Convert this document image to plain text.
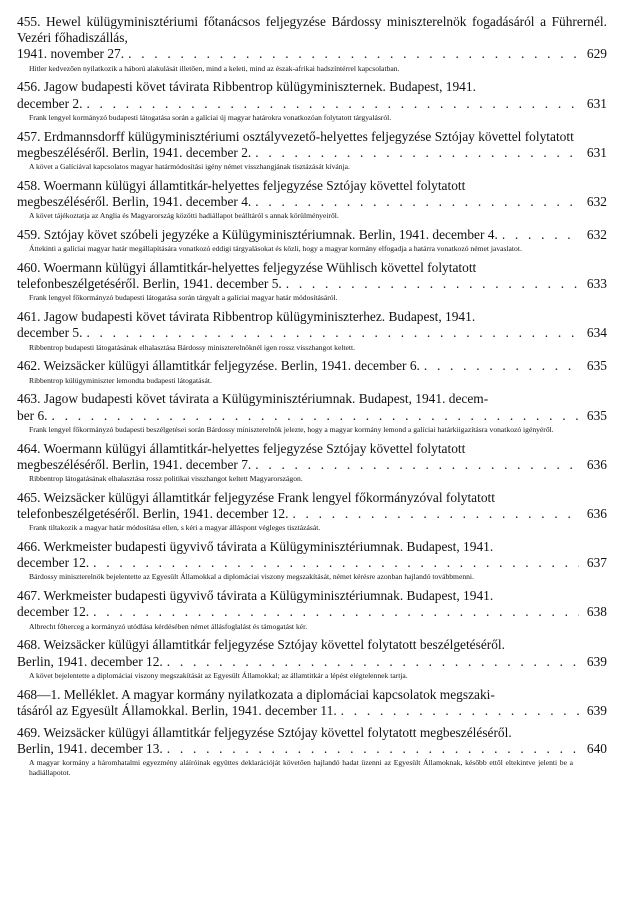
455. Hewel külügyminisztériumi főtanácsos feljegyzése Bárdossy miniszterelnök fogadásáról a Führernél. Vezéri főhadiszállás,
1941. november 27. . . .	629
Hitler kedvezően nyilatkozik a háború alakulását illetően, mind a keleti, mind az észak-afrikai hadszíntérrel kapcsolatban.
456. Jagow budapesti követ távirata Ribbentrop külügyminiszternek. Budapest, 1941.
december 2. . . .	631
Frank lengyel kormányzó budapesti látogatása során a galíciai új magyar határokra vonatkozóan folytatott tárgyalásról.
457. Erdmannsdorff külügyminisztériumi osztályvezető-helyettes feljegyzése Sztójay követtel folytatott
megbeszéléséről. Berlin, 1941. december 2. . . .	631
A követ a Galíciával kapcsolatos magyar határmódosítási igény német visszhangjának tisztázását kívánja.
458. Woermann külügyi államtitkár-helyettes feljegyzése Sztójay követtel folytatott
megbeszéléséről. Berlin, 1941. december 4. . . .	632
A követ tájékoztatja az Anglia és Magyarország közötti hadiállapot beálltáról s annak körülményeiről.
459. Sztójay követ szóbeli jegyzéke a Külügyminisztériumnak. Berlin, 1941. december 4. . . .	632
Áttekinti a galíciai magyar határ megállapítására vonatkozó eddigi tárgyalásokat és közli, hogy a magyar kormány elfogadja a határra vonatkozó német javaslatot.
460. Woermann külügyi államtitkár-helyettes feljegyzése Wühlisch követtel folytatott
telefonbeszélgetéséről. Berlin, 1941. december 5. . . .	633
Frank lengyel főkormányzó budapesti látogatása során tárgyalt a galíciai magyar határ módosításáról.
461. Jagow budapesti követ távirata Ribbentrop külügyminiszterhez. Budapest, 1941.
december 5. . . .	634
Ribbentrop budapesti látogatásának elhalasztása Bárdossy miniszterelnöknél igen rossz visszhangot keltett.
462. Weizsäcker külügyi államtitkár feljegyzése. Berlin, 1941. december 6. . . .	635
Ribbentrop külügyminiszter lemondta budapesti látogatását.
463. Jagow budapesti követ távirata a Külügyminisztériumnak. Budapest, 1941. decem-
ber 6. . . .	635
Frank lengyel főkormányzó budapesti beszélgetései során Bárdossy miniszterelnök jelezte, hogy a magyar kormány lemond a galíciai határkiigazításra vonatkozó igényéről.
464. Woermann külügyi államtitkár-helyettes feljegyzése Sztójay követtel folytatott
megbeszéléséről. Berlin, 1941. december 7. . . .	636
Ribbentrop látogatásának elhalasztása rossz politikai visszhangot keltett Magyarországon.
465. Weizsäcker külügyi államtitkár feljegyzése Frank lengyel főkormányzóval folytatott
telefonbeszélgetéséről. Berlin, 1941. december 12. . . .	636
Frank tiltakozik a magyar határ módosítása ellen, s kéri a magyar álláspont végleges tisztázását.
466. Werkmeister budapesti ügyvivő távirata a Külügyminisztériumnak. Budapest, 1941.
december 12. . . .	637
Bárdossy miniszterelnök bejelentette az Egyesült Államokkal a diplomáciai viszony megszakítását, német kérésre azonban hajlandó továbbmenni.
467. Werkmeister budapesti ügyvivő távirata a Külügyminisztériumnak. Budapest, 1941.
december 12. . . .	638
Albrecht főherceg a kormányzó utódlása kérdésében német állásfoglalást és támogatást kér.
468. Weizsäcker külügyi államtitkár feljegyzése Sztójay követtel folytatott beszélgetéséről.
Berlin, 1941. december 12. . . .	639
A követ bejelentette a diplomáciai viszony megszakítását az Egyesült Államokkal; az államtitkár a lépést elégtelennek tartja.
468—1. Melléklet. A magyar kormány nyilatkozata a diplomáciai kapcsolatok megszaki-
tásáról az Egyesült Államokkal. Berlin, 1941. december 11. . . .	639
469. Weizsäcker külügyi államtitkár feljegyzése Sztójay követtel folytatott megbeszéléséről.
Berlin, 1941. december 13. . . .	640
A magyar kormány a háromhatalmi egyezmény aláíróinak együttes deklarációját követően hajlandó hadat üzenni az Egyesült Államoknak, később ettől eltekintve jelenti be a hadiállapotot.
